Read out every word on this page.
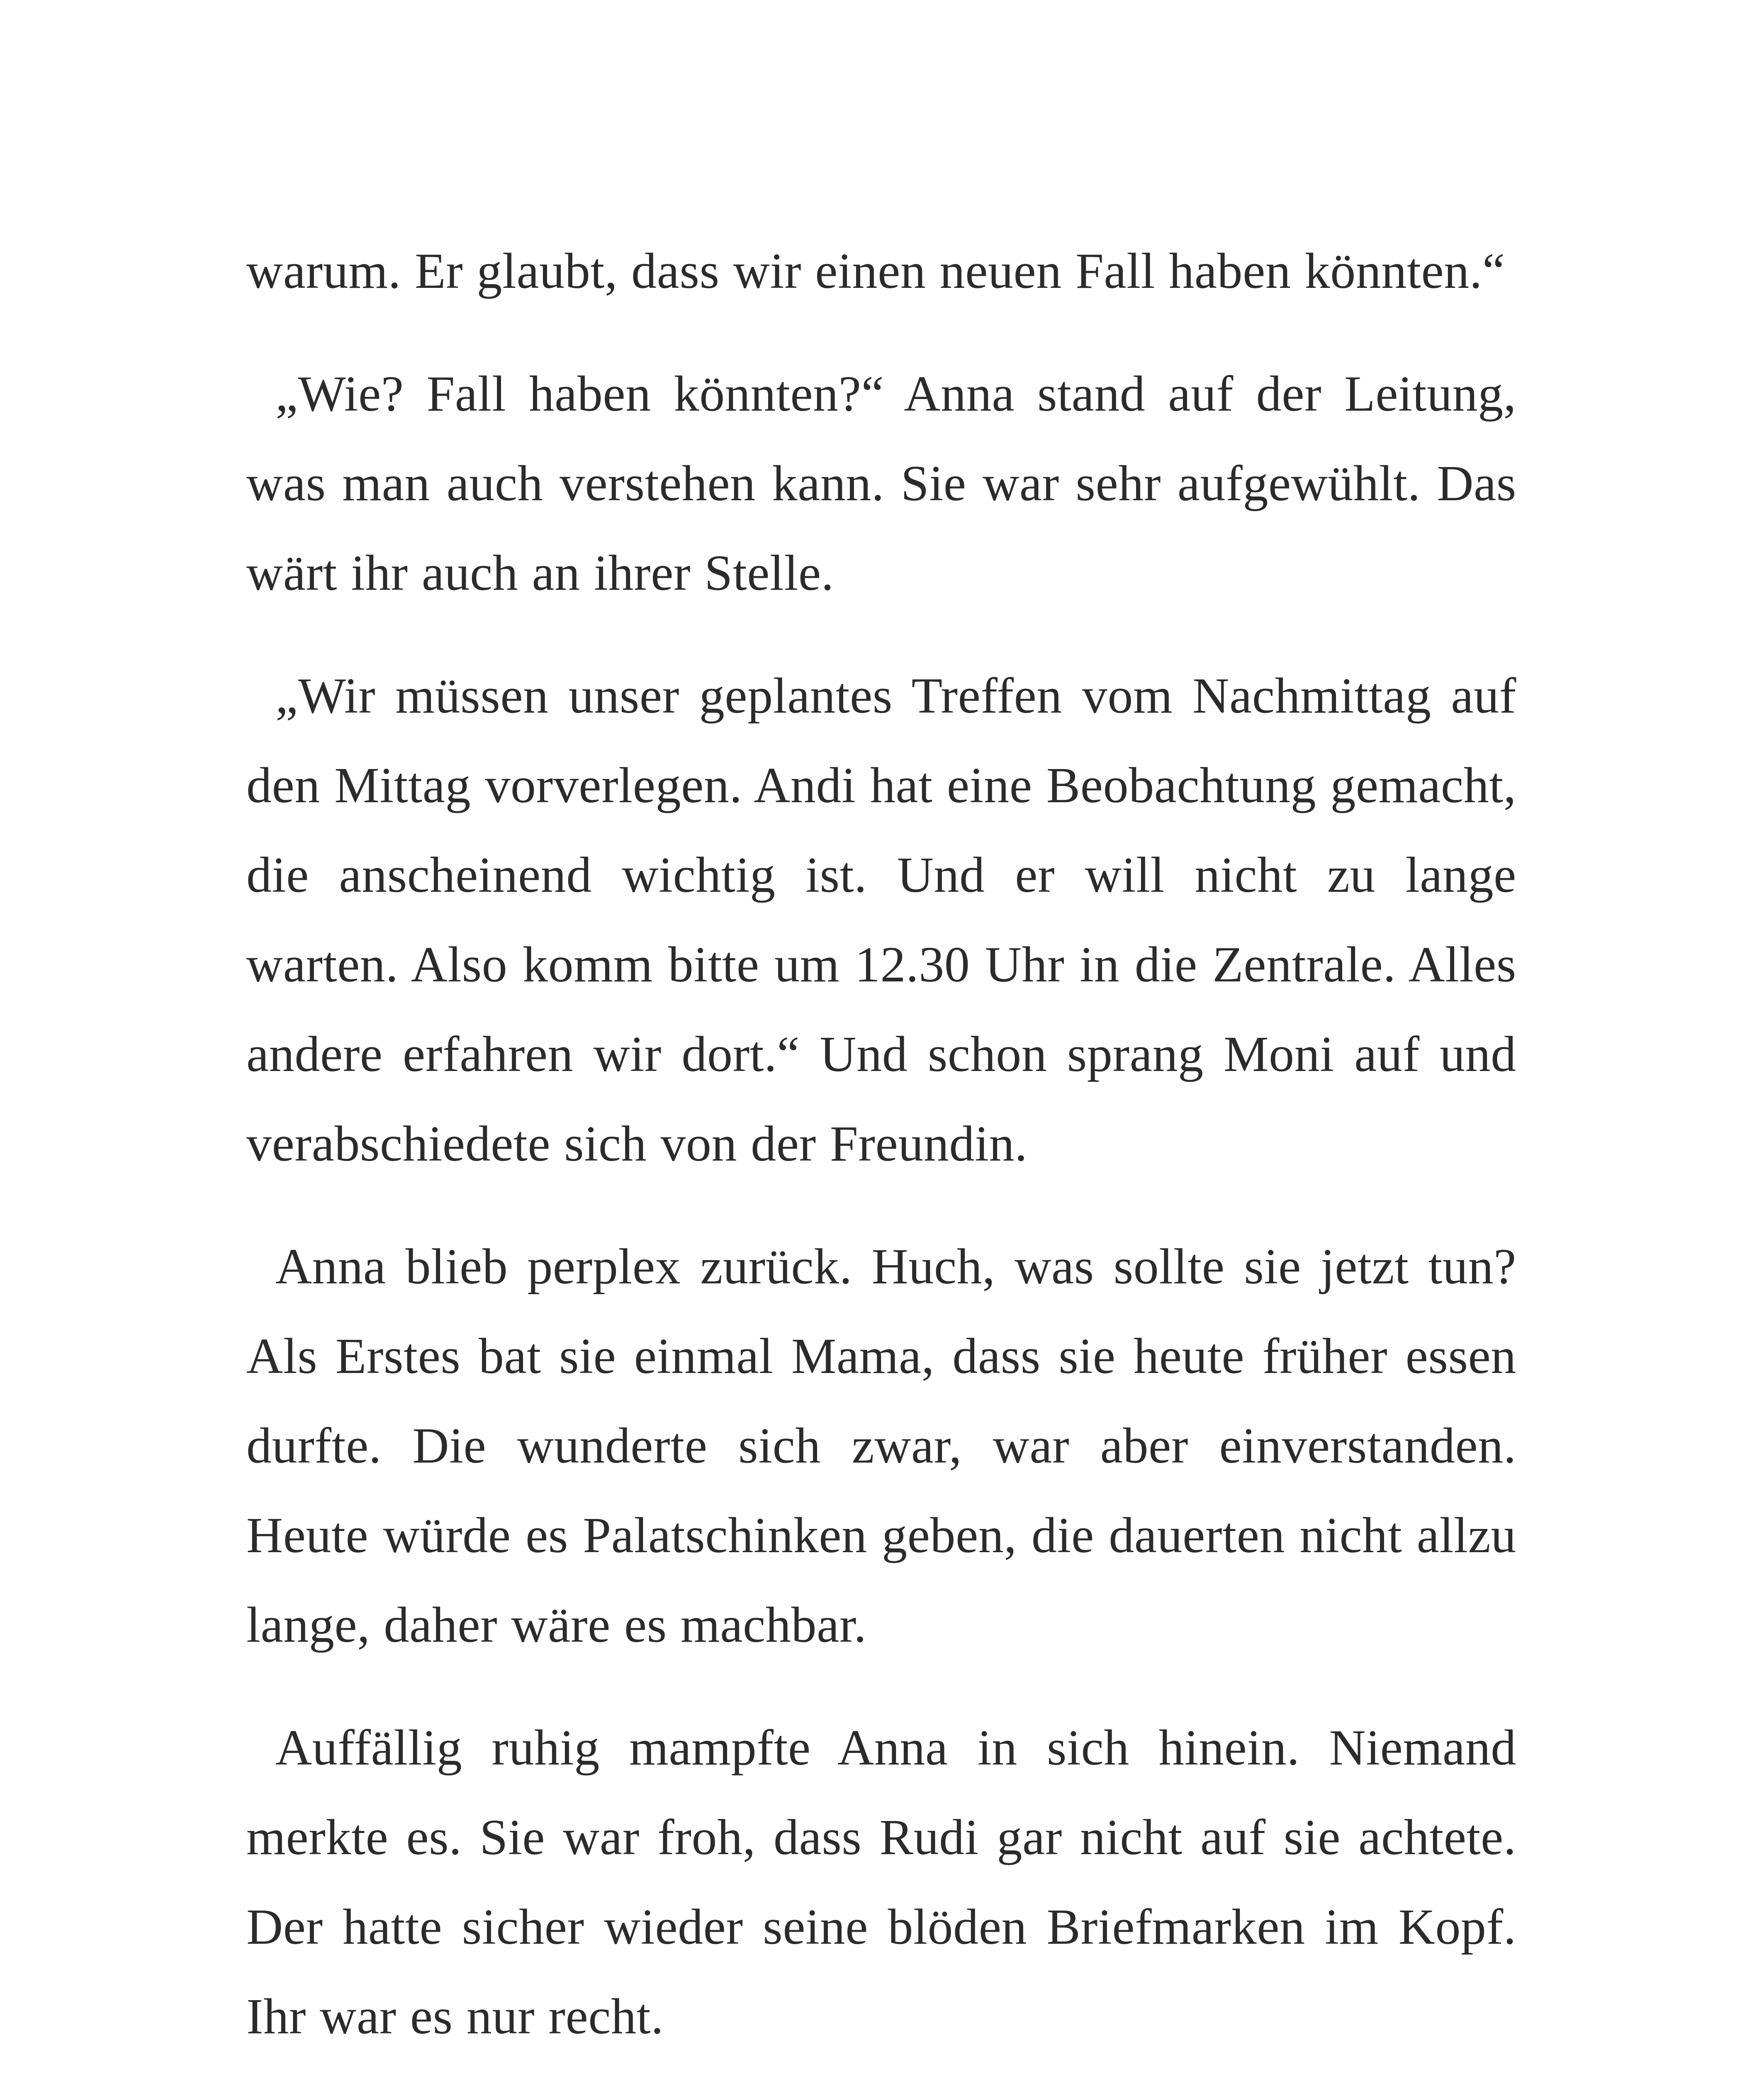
warum. Er glaubt, dass wir einen neuen Fall haben könnten.“

„Wie? Fall haben könnten?“ Anna stand auf der Leitung, was man auch verstehen kann. Sie war sehr aufgewühlt. Das wärt ihr auch an ihrer Stelle.

„Wir müssen unser geplantes Treffen vom Nachmittag auf den Mittag vorverlegen. Andi hat eine Beobachtung gemacht, die anscheinend wichtig ist. Und er will nicht zu lange warten. Also komm bitte um 12.30 Uhr in die Zentrale. Alles andere erfahren wir dort.“ Und schon sprang Moni auf und verabschiedete sich von der Freundin.

Anna blieb perplex zurück. Huch, was sollte sie jetzt tun? Als Erstes bat sie einmal Mama, dass sie heute früher essen durfte. Die wunderte sich zwar, war aber einverstanden. Heute würde es Palatschinken geben, die dauerten nicht allzu lange, daher wäre es machbar.

Auffällig ruhig mampfte Anna in sich hinein. Niemand merkte es. Sie war froh, dass Rudi gar nicht auf sie achtete. Der hatte sicher wieder seine blöden Briefmarken im Kopf. Ihr war es nur recht.
